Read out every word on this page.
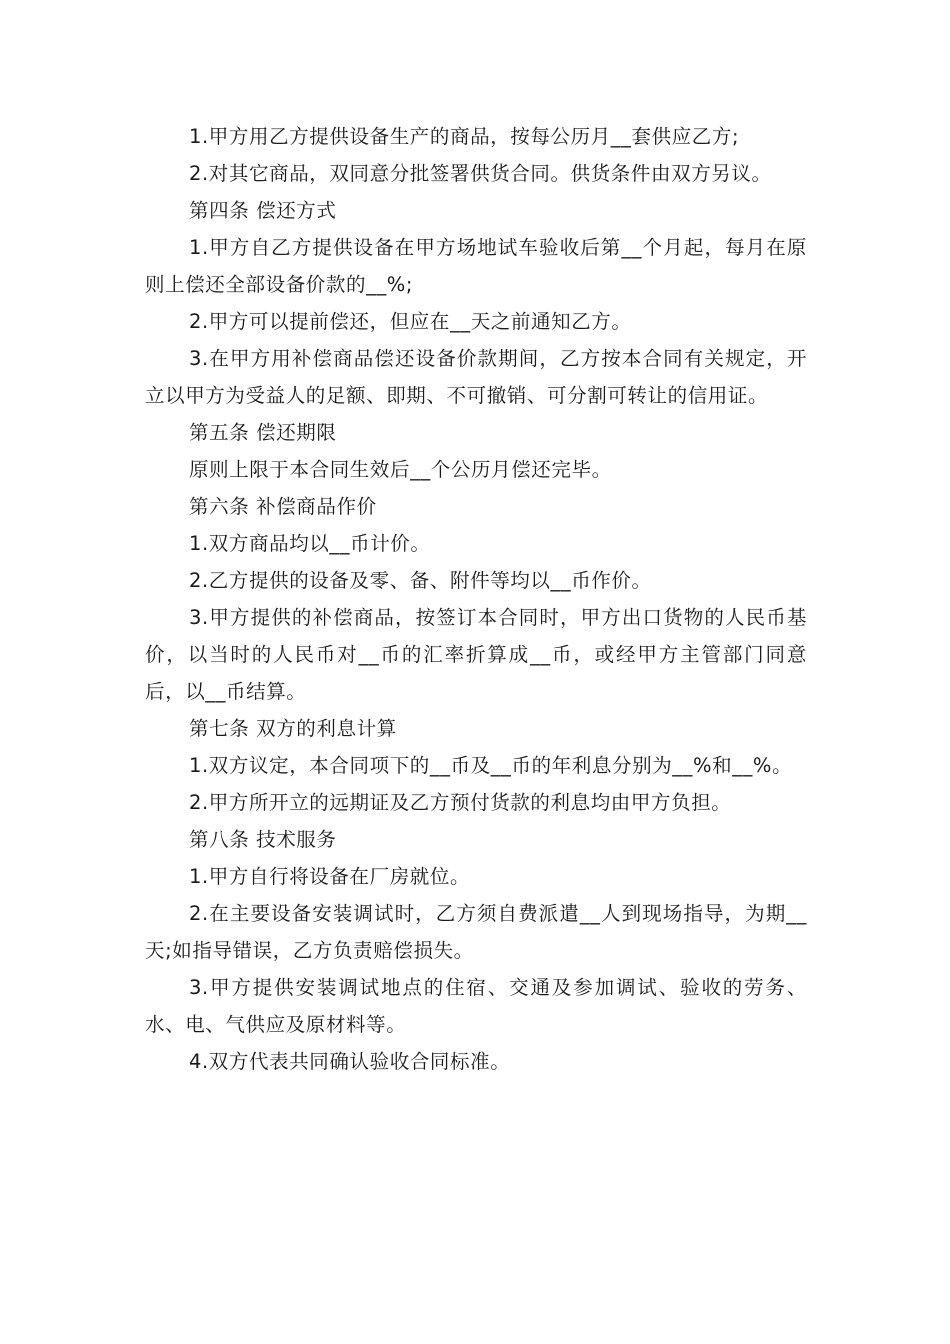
1.甲方用乙方提供设备生产的商品，按每公历月__套供应乙方;

2.对其它商品，双同意分批签署供货合同。供货条件由双方另议。

第四条 偿还方式

1.甲方自乙方提供设备在甲方场地试车验收后第__个月起，每月在原则上偿还全部设备价款的__%;

2.甲方可以提前偿还，但应在__天之前通知乙方。

3.在甲方用补偿商品偿还设备价款期间，乙方按本合同有关规定，开立以甲方为受益人的足额、即期、不可撤销、可分割可转让的信用证。

第五条 偿还期限

原则上限于本合同生效后__个公历月偿还完毕。

第六条 补偿商品作价

1.双方商品均以__币计价。

2.乙方提供的设备及零、备、附件等均以__币作价。

3.甲方提供的补偿商品，按签订本合同时，甲方出口货物的人民币基价，以当时的人民币对__币的汇率折算成__币，或经甲方主管部门同意后，以__币结算。

第七条 双方的利息计算

1.双方议定，本合同项下的__币及__币的年利息分别为__%和__%。

2.甲方所开立的远期证及乙方预付货款的利息均由甲方负担。

第八条 技术服务

1.甲方自行将设备在厂房就位。

2.在主要设备安装调试时，乙方须自费派遣__人到现场指导，为期__天;如指导错误，乙方负责赔偿损失。

3.甲方提供安装调试地点的住宿、交通及参加调试、验收的劳务、水、电、气供应及原材料等。

4.双方代表共同确认验收合同标准。
